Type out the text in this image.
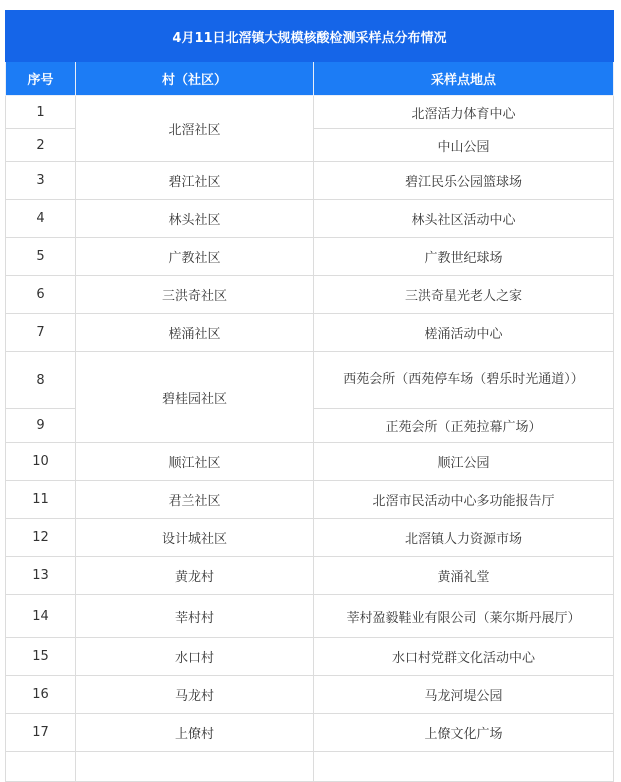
4月11日北滘镇大规模核酸检测采样点分布情况		
序号	村（社区）	采样点地点
1	北滘社区	北滘活力体育中心
2		中山公园
3	碧江社区	碧江民乐公园篮球场
4	林头社区	林头社区活动中心
5	广教社区	广教世纪球场
6	三洪奇社区	三洪奇星光老人之家
7	槎涌社区	槎涌活动中心
8	碧桂园社区	西苑会所（西苑停车场（碧乐时光通道））
9		正苑会所（正苑拉幕广场）
10	顺江社区	顺江公园
11	君兰社区	北滘市民活动中心多功能报告厅
12	设计城社区	北滘镇人力资源市场
13	黄龙村	黄涌礼堂
14	莘村村	莘村盈毅鞋业有限公司（莱尔斯丹展厅）
15	水口村	水口村党群文化活动中心
16	马龙村	马龙河堤公园
17	上僚村	上僚文化广场
